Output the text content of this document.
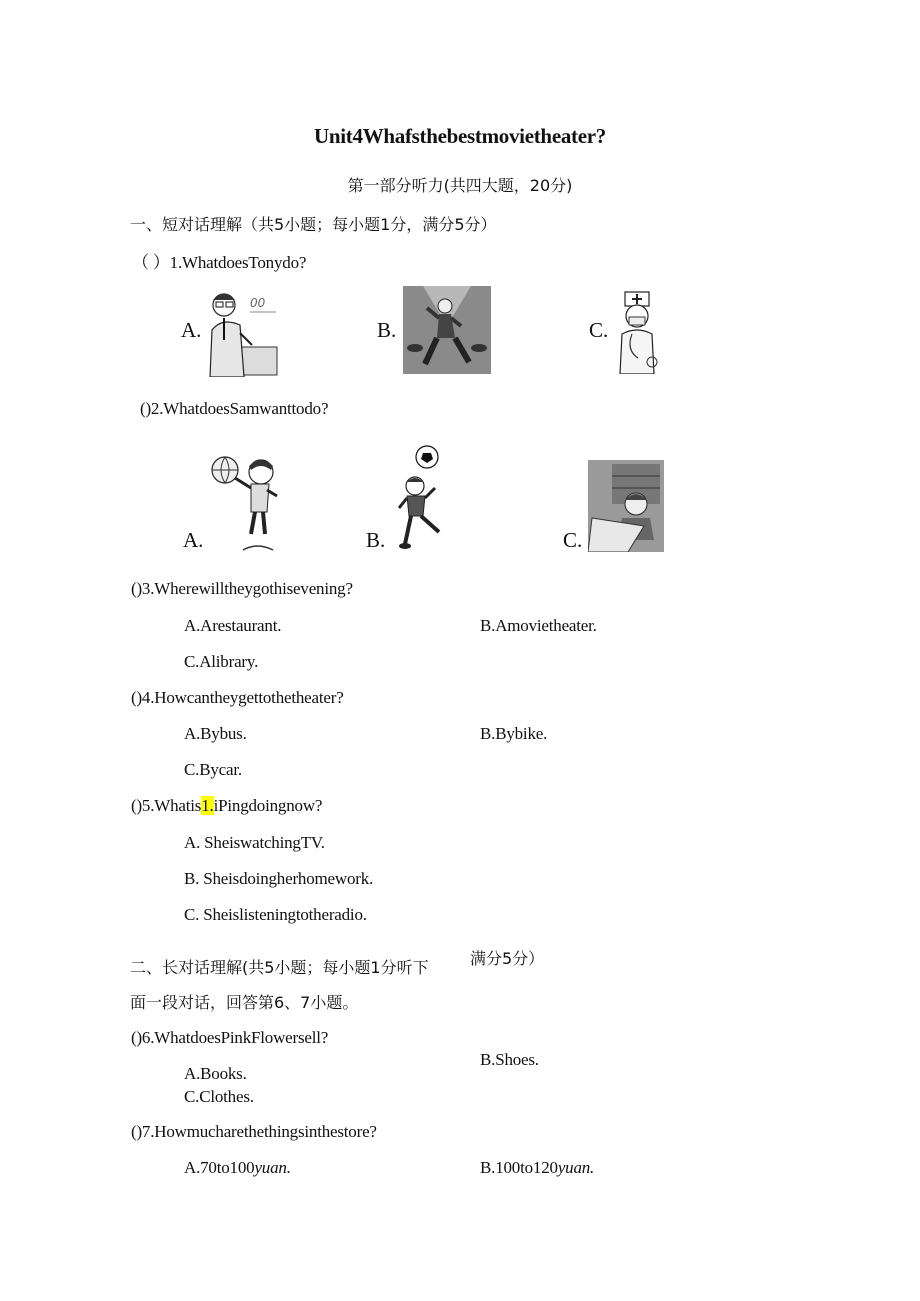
Unit4Whafsthebestmovietheater?
第一部分听力(共四大题，20分)
一、短对话理解（共5小题；每小题1分，满分5分）
（ ）1.WhatdoesTonydo?
A.
00
B.	C.
()2.WhatdoesSamwanttodo?
A.	B.	C.
()3.Wherewilltheygothisevening?
A.Arestaurant.	B.Amovietheater.
C.Alibrary.
()4.Howcantheygettothetheater?
A.Bybus.	B.Bybike.
C.Bycar.
()5.Whatis1.iPingdoingnow?
A. SheiswatchingTV.
B. Sheisdoingherhomework.
C. Sheislisteningtotheradio.
二、长对话理解(共5小题；每小题1分听下	满分5分）
面一段对话，回答第6、7小题。
()6.WhatdoesPinkFlowersell?
B.Shoes.
A.Books.
C.Clothes.
()7.Howmucharethethingsinthestore?
A.70to100yuan.	B.100to120yuan.
